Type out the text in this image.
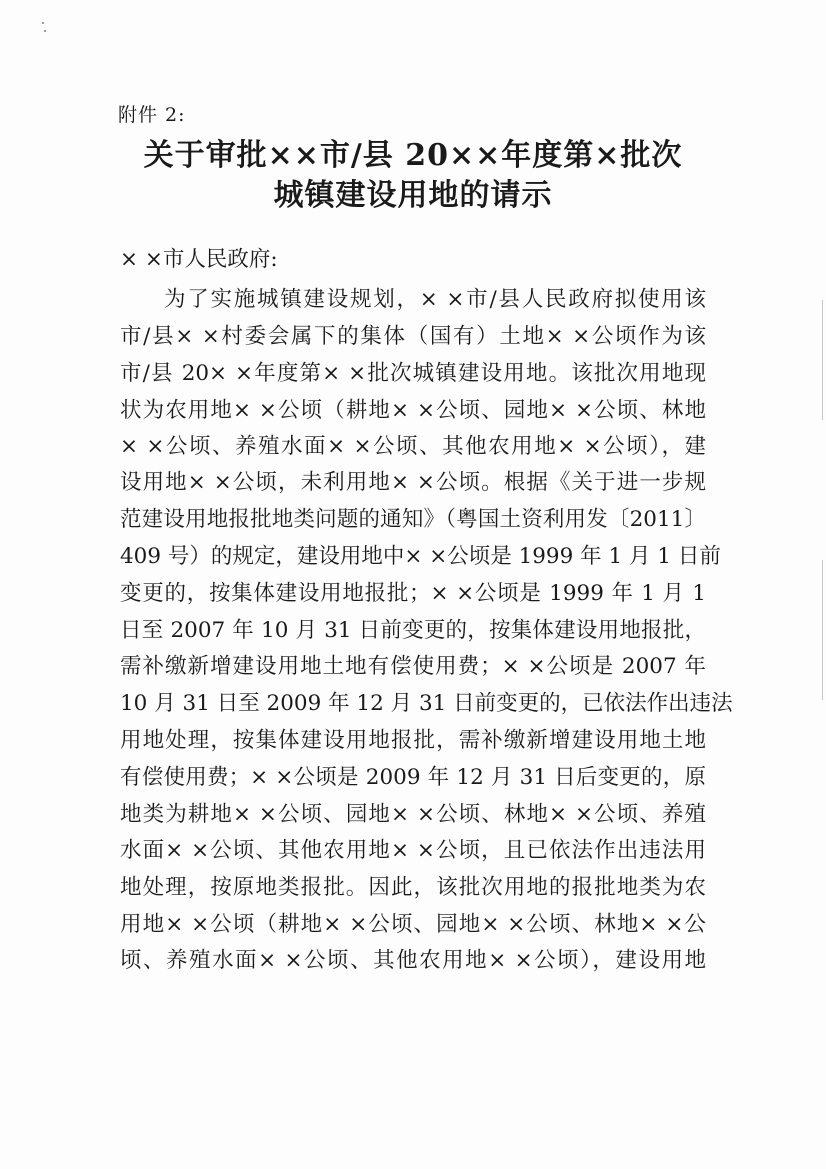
附件 2:
关于审批××市/县 20××年度第×批次
城镇建设用地的请示
× ×市人民政府:
为了实施城镇建设规划，× ×市/县人民政府拟使用该
市/县× ×村委会属下的集体（国有）土地× ×公顷作为该
市/县 20× ×年度第× ×批次城镇建设用地。该批次用地现
状为农用地× ×公顷（耕地× ×公顷、园地× ×公顷、林地
× ×公顷、养殖水面× ×公顷、其他农用地× ×公顷），建
设用地× ×公顷，未利用地× ×公顷。根据《关于进一步规
范建设用地报批地类问题的通知》（粤国土资利用发〔2011〕
409 号）的规定，建设用地中× ×公顷是 1999 年 1 月 1 日前
变更的，按集体建设用地报批；× ×公顷是 1999 年 1 月 1
日至 2007 年 10 月 31 日前变更的，按集体建设用地报批，
需补缴新增建设用地土地有偿使用费；× ×公顷是 2007 年
10 月 31 日至 2009 年 12 月 31 日前变更的，已依法作出违法
用地处理，按集体建设用地报批，需补缴新增建设用地土地
有偿使用费；× ×公顷是 2009 年 12 月 31 日后变更的，原
地类为耕地× ×公顷、园地× ×公顷、林地× ×公顷、养殖
水面× ×公顷、其他农用地× ×公顷，且已依法作出违法用
地处理，按原地类报批。因此，该批次用地的报批地类为农
用地× ×公顷（耕地× ×公顷、园地× ×公顷、林地× ×公
顷、养殖水面× ×公顷、其他农用地× ×公顷），建设用地
